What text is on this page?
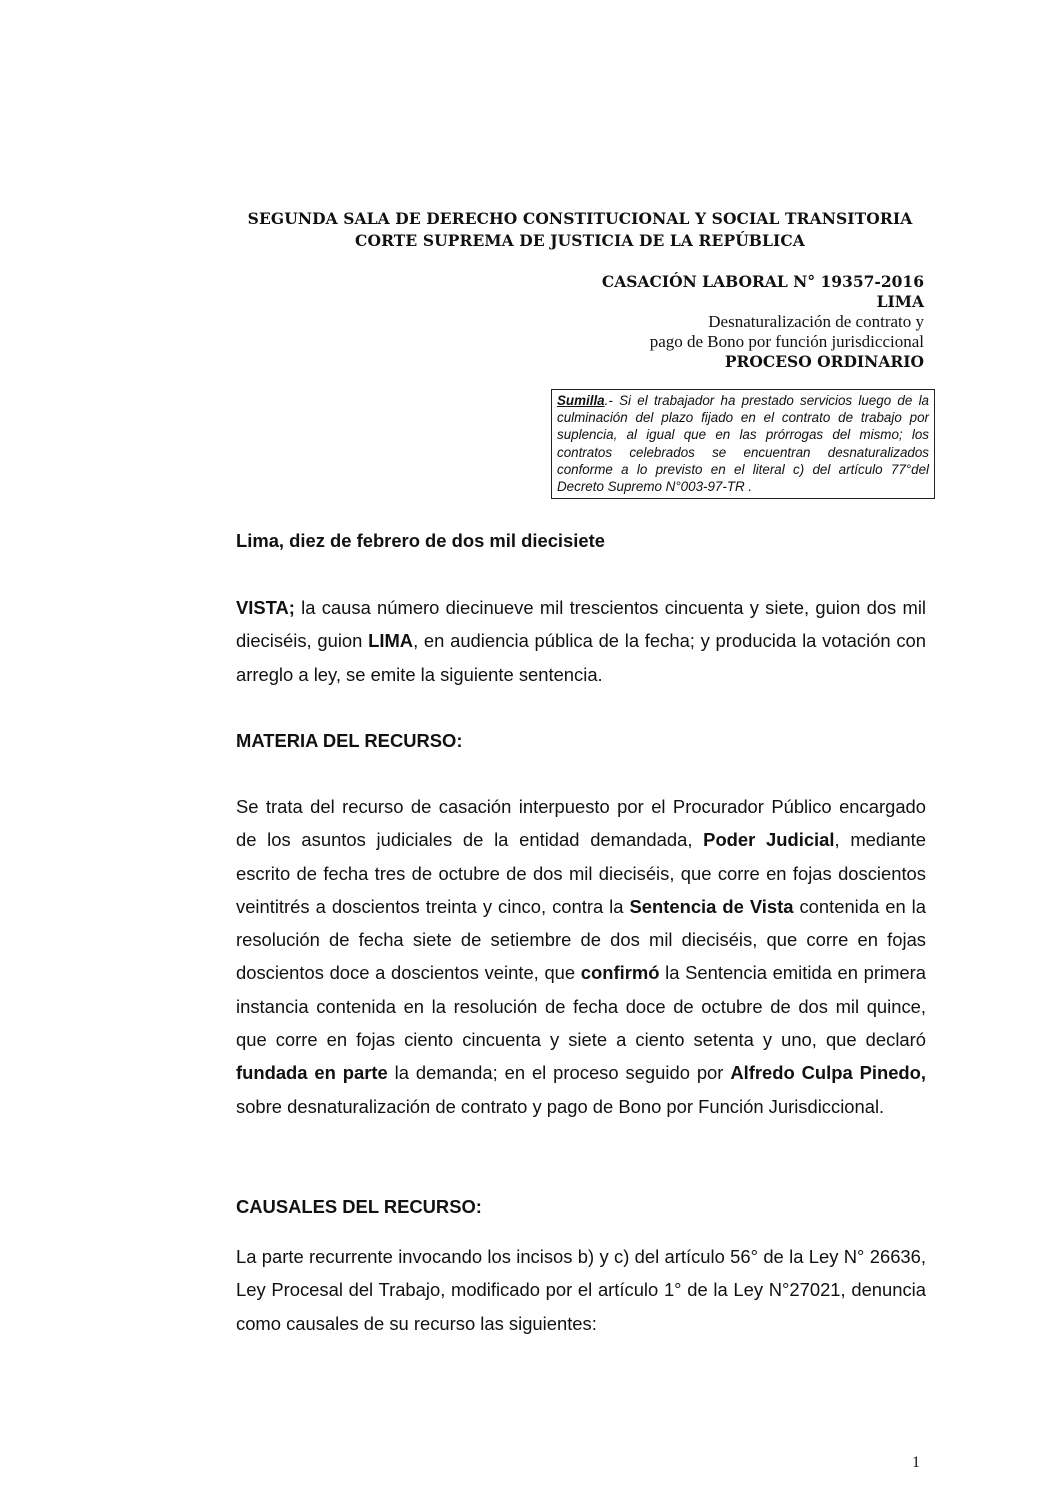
SEGUNDA SALA DE DERECHO CONSTITUCIONAL Y SOCIAL TRANSITORIA
CORTE SUPREMA DE JUSTICIA DE LA REPÚBLICA
CASACIÓN LABORAL N° 19357-2016
LIMA
Desnaturalización de contrato y
pago de Bono por función jurisdiccional
PROCESO ORDINARIO
Sumilla.- Si el trabajador ha prestado servicios luego de la culminación del plazo fijado en el contrato de trabajo por suplencia, al igual que en las prórrogas del mismo; los contratos celebrados se encuentran desnaturalizados conforme a lo previsto en el literal c) del artículo 77°del Decreto Supremo N°003-97-TR .

Lima, diez de febrero de dos mil diecisiete

VISTA; la causa número diecinueve mil trescientos cincuenta y siete, guion dos mil dieciséis, guion LIMA, en audiencia pública de la fecha; y producida la votación con arreglo a ley, se emite la siguiente sentencia.

MATERIA DEL RECURSO:

Se trata del recurso de casación interpuesto por el Procurador Público encargado de los asuntos judiciales de la entidad demandada, Poder Judicial, mediante escrito de fecha tres de octubre de dos mil dieciséis, que corre en fojas doscientos veintitrés a doscientos treinta y cinco, contra la Sentencia de Vista contenida en la resolución de fecha siete de setiembre de dos mil dieciséis, que corre en fojas doscientos doce a doscientos veinte, que confirmó la Sentencia emitida en primera instancia contenida en la resolución de fecha doce de octubre de dos mil quince, que corre en fojas ciento cincuenta y siete a ciento setenta y uno, que declaró fundada en parte la demanda; en el proceso seguido por Alfredo Culpa Pinedo, sobre desnaturalización de contrato y pago de Bono por Función Jurisdiccional.

CAUSALES DEL RECURSO:

La parte recurrente invocando los incisos b) y c) del artículo 56° de la Ley N° 26636, Ley Procesal del Trabajo, modificado por el artículo 1° de la Ley N°27021, denuncia como causales de su recurso las siguientes:

1
